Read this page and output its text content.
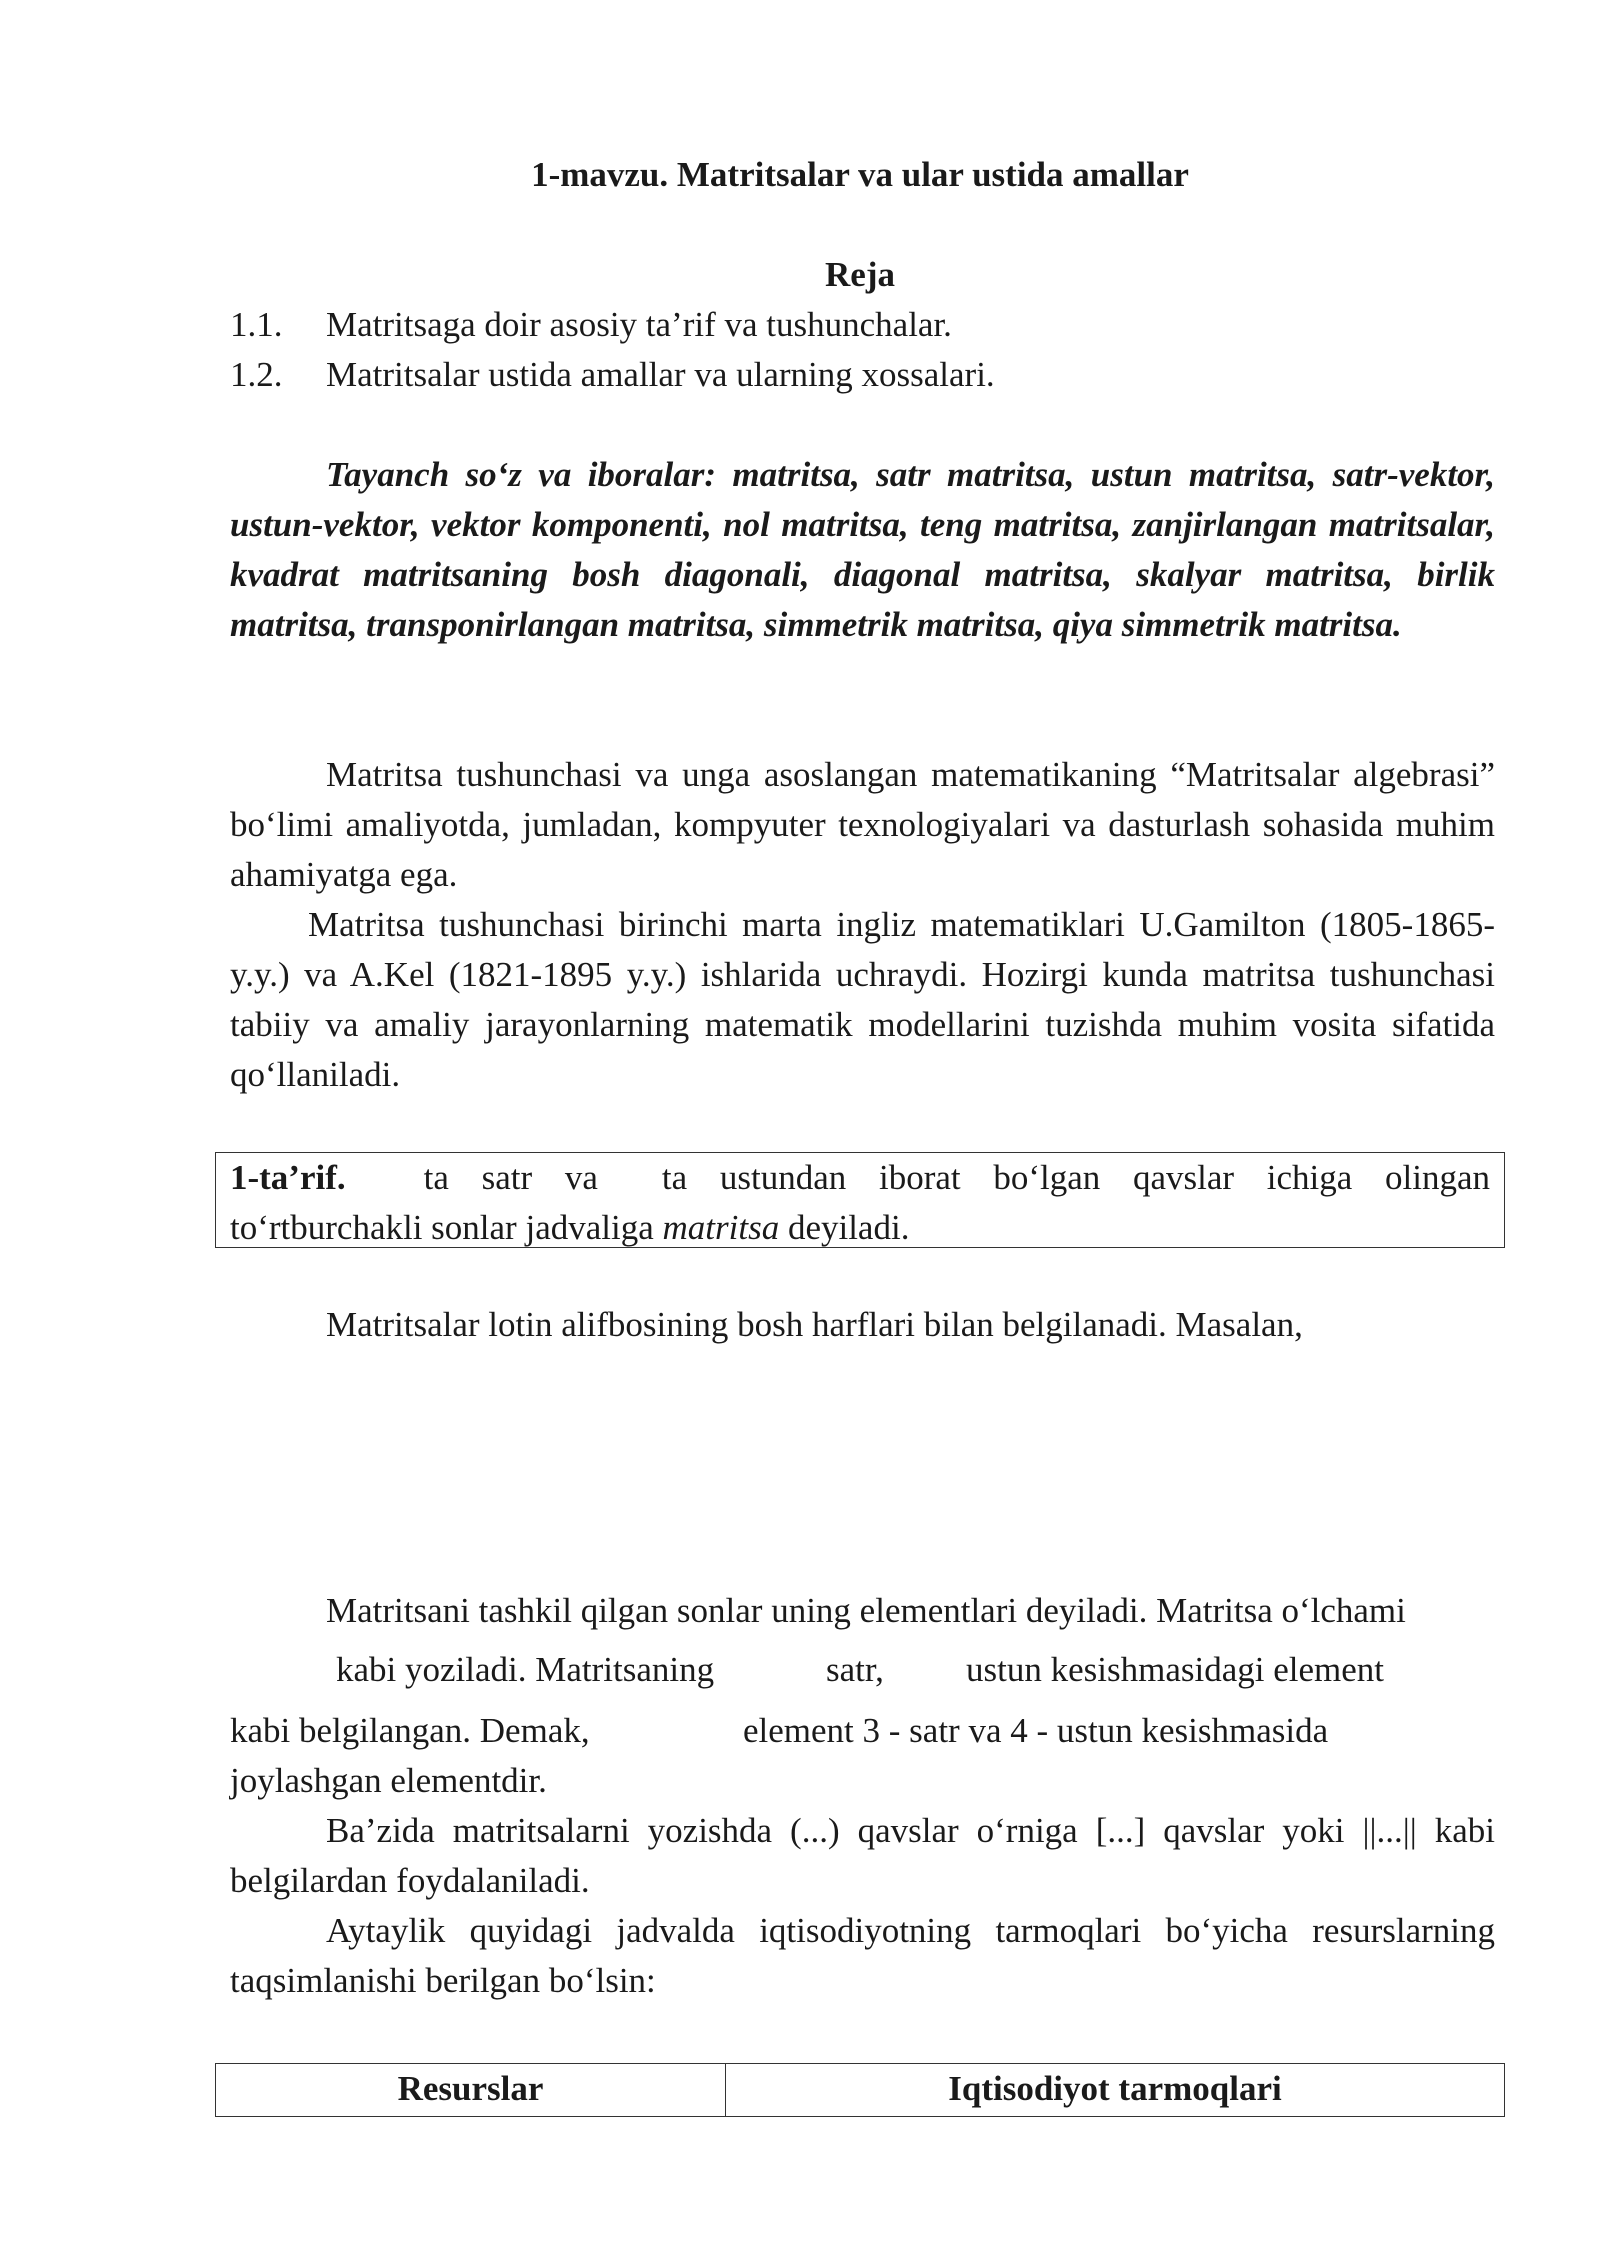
1-mavzu. Matritsalar va ular ustida amallar
Reja
1.1. Matritsaga doir asosiy ta’rif va tushunchalar.
1.2. Matritsalar ustida amallar va ularning xossalari.
Tayanch so‘z va iboralar: matritsa, satr matritsa, ustun matritsa, satr-vektor, ustun-vektor, vektor komponenti, nol matritsa, teng matritsa, zanjirlangan matritsalar, kvadrat matritsaning bosh diagonali, diagonal matritsa, skalyar matritsa, birlik matritsa, transponirlangan matritsa, simmetrik matritsa, qiya simmetrik matritsa.
Matritsa tushunchasi va unga asoslangan matematikaning “Matritsalar algebrasi” bo‘limi amaliyotda, jumladan, kompyuter texnologiyalari va dasturlash sohasida muhim ahamiyatga ega.
Matritsa tushunchasi birinchi marta ingliz matematiklari U.Gamilton (1805-1865-y.y.) va A.Kel (1821-1895 y.y.) ishlarida uchraydi. Hozirgi kunda matritsa tushunchasi tabiiy va amaliy jarayonlarning matematik modellarini tuzishda muhim vosita sifatida qo‘llaniladi.
1-ta’rif. ta satr va ta ustundan iborat bo‘lgan qavslar ichiga olingan to‘rtburchakli sonlar jadvaliga matritsa deyiladi.
Matritsalar lotin alifbosining bosh harflari bilan belgilanadi. Masalan,
Matritsani tashkil qilgan sonlar uning elementlari deyiladi. Matritsa o‘lchami
kabi yoziladi. Matritsaning	satr, ustun kesishmasidagi element
kabi belgilangan. Demak,	element 3 - satr va 4 - ustun kesishmasida
joylashgan elementdir.
Ba’zida matritsalarni yozishda (...) qavslar o‘rniga [...] qavslar yoki ||...|| kabi belgilardan foydalaniladi.
Aytaylik quyidagi jadvalda iqtisodiyotning tarmoqlari bo‘yicha resurslarning taqsimlanishi berilgan bo‘lsin:
Resurslar	Iqtisodiyot tarmoqlari
